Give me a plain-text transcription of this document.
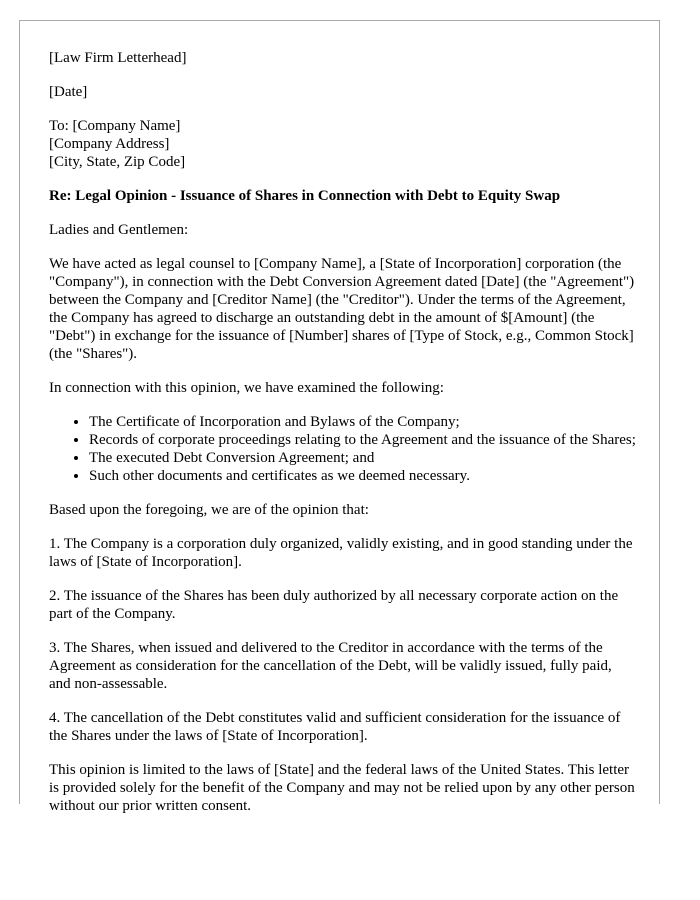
[Law Firm Letterhead]

[Date]

To: [Company Name]
[Company Address]
[City, State, Zip Code]

Re: Legal Opinion - Issuance of Shares in Connection with Debt to Equity Swap

Ladies and Gentlemen:

We have acted as legal counsel to [Company Name], a [State of Incorporation] corporation (the "Company"), in connection with the Debt Conversion Agreement dated [Date] (the "Agreement") between the Company and [Creditor Name] (the "Creditor"). Under the terms of the Agreement, the Company has agreed to discharge an outstanding debt in the amount of $[Amount] (the "Debt") in exchange for the issuance of [Number] shares of [Type of Stock, e.g., Common Stock] (the "Shares").

In connection with this opinion, we have examined the following:

• The Certificate of Incorporation and Bylaws of the Company;
• Records of corporate proceedings relating to the Agreement and the issuance of the Shares;
• The executed Debt Conversion Agreement; and
• Such other documents and certificates as we deemed necessary.

Based upon the foregoing, we are of the opinion that:

1. The Company is a corporation duly organized, validly existing, and in good standing under the laws of [State of Incorporation].

2. The issuance of the Shares has been duly authorized by all necessary corporate action on the part of the Company.

3. The Shares, when issued and delivered to the Creditor in accordance with the terms of the Agreement as consideration for the cancellation of the Debt, will be validly issued, fully paid, and non-assessable.

4. The cancellation of the Debt constitutes valid and sufficient consideration for the issuance of the Shares under the laws of [State of Incorporation].

This opinion is limited to the laws of [State] and the federal laws of the United States. This letter is provided solely for the benefit of the Company and may not be relied upon by any other person without our prior written consent.
